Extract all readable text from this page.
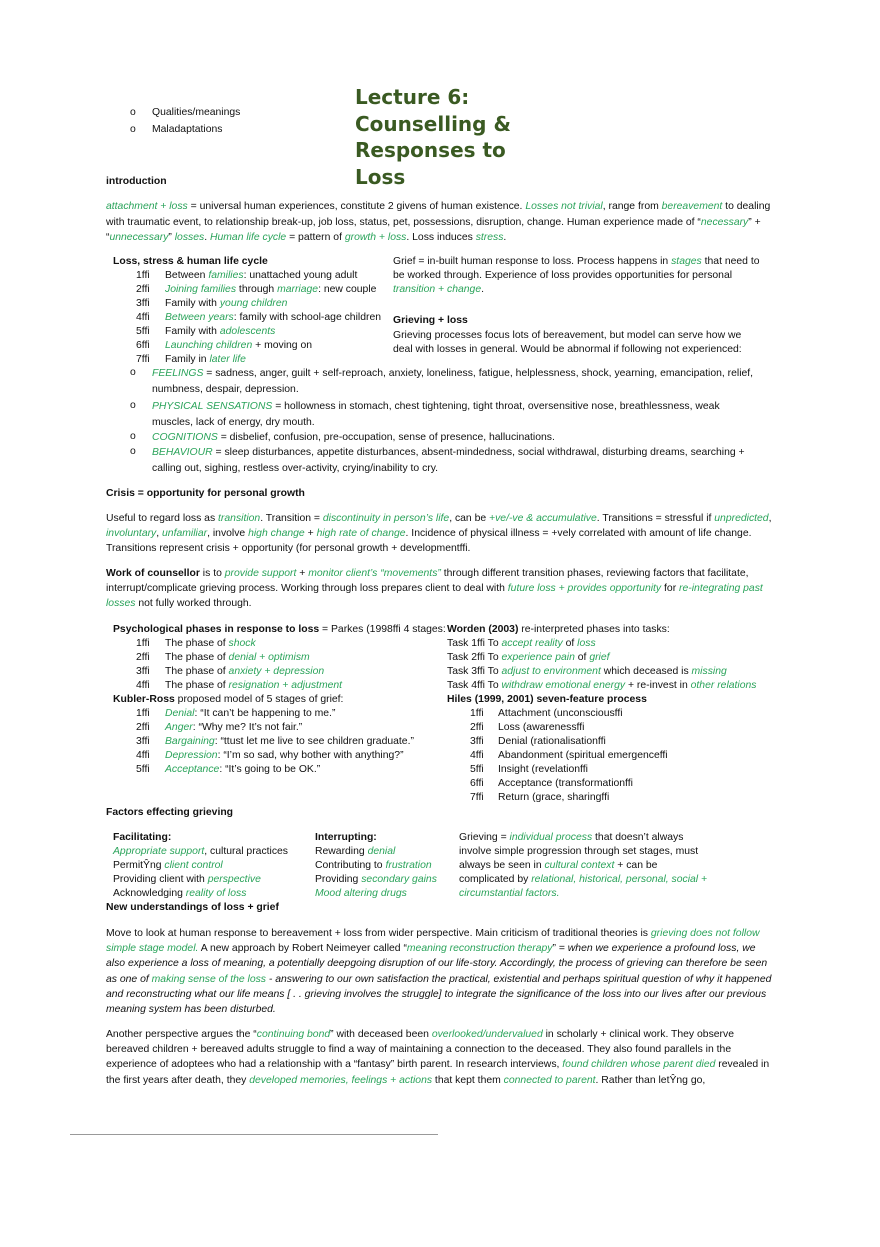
Lecture 6: Counselling & Responses to Loss
o Qualities/meanings
o Maladaptations
introduction
attachment + loss = universal human experiences, constitute 2 givens of human existence. Losses not trivial, range from bereavement to dealing with traumatic event, to relationship break-up, job loss, status, pet, possessions, disruption, change. Human experience made of “necessary” + “unnecessary” losses. Human life cycle = pattern of growth + loss. Loss induces stress.
Loss, stress & human life cycle
1ffi Between families: unattached young adult
2ffi Joining families through marriage: new couple
3ffi Family with young children
4ffi Between years: family with school-age children
5ffi Family with adolescents
6ffi Launching children + moving on
7ffi Family in later life
Grief = in-built human response to loss. Process happens in stages that need to be worked through. Experience of loss provides opportunities for personal transition + change.
Grieving + loss
Grieving processes focus lots of bereavement, but model can serve how we deal with losses in general. Would be abnormal if following not experienced:
o FEELINGS = sadness, anger, guilt + self-reproach, anxiety, loneliness, fatigue, helplessness, shock, yearning, emancipation, relief, numbness, despair, depression.
o PHYSICAL SENSATIONS = hollowness in stomach, chest tightening, tight throat, oversensitive nose, breathlessness, weak muscles, lack of energy, dry mouth.
o COGNITIONS = disbelief, confusion, pre-occupation, sense of presence, hallucinations.
o BEHAVIOUR = sleep disturbances, appetite disturbances, absent-mindedness, social withdrawal, disturbing dreams, searching + calling out, sighing, restless over-activity, crying/inability to cry.
Crisis = opportunity for personal growth
Useful to regard loss as transition. Transition = discontinuity in person’s life, can be +ve/-ve & accumulative. Transitions = stressful if unpredicted, involuntary, unfamiliar, involve high change + high rate of change. Incidence of physical illness = +vely correlated with amount of life change. Transitions represent crisis + opportunity (for personal growth + developmentffi.
Work of counsellor is to provide support + monitor client’s “movements” through different transition phases, reviewing factors that facilitate, interrupt/complicate grieving process. Working through loss prepares client to deal with future loss + provides opportunity for re-integrating past losses not fully worked through.
Psychological phases in response to loss = Parkes (1998ffi 4 stages:
1ffi The phase of shock
2ffi The phase of denial + optimism
3ffi The phase of anxiety + depression
4ffi The phase of resignation + adjustment
Kubler-Ross proposed model of 5 stages of grief:
1ffi Denial: “It can’t be happening to me.”
2ffi Anger: “Why me? It’s not fair.”
3ffi Bargaining: “ttust let me live to see children graduate.”
4ffi Depression: “I’m so sad, why bother with anything?”
5ffi Acceptance: “It’s going to be OK.”
Worden (2003) re-interpreted phases into tasks:
Task 1ffi To accept reality of loss
Task 2ffi To experience pain of grief
Task 3ffi To adjust to environment which deceased is missing
Task 4ffi To withdraw emotional energy + re-invest in other relations
Hiles (1999, 2001) seven-feature process
1ffi Attachment (unconsciousffi
2ffi Loss (awarenessffi
3ffi Denial (rationalisationffi
4ffi Abandonment (spiritual emergenceffi
5ffi Insight (revelationffi
6ffi Acceptance (transformationffi
7ffi Return (grace, sharingffi
Factors effecting grieving
Facilitating:
Appropriate support, cultural practices
PermitŶng client control
Providing client with perspective
Acknowledging reality of loss
Interrupting:
Rewarding denial
Contributing to frustration
Providing secondary gains
Mood altering drugs
Grieving = individual process that doesn’t always involve simple progression through set stages, must always be seen in cultural context + can be complicated by relational, historical, personal, social + circumstantial factors.
New understandings of loss + grief
Move to look at human response to bereavement + loss from wider perspective. Main criticism of traditional theories is grieving does not follow simple stage model. A new approach by Robert Neimeyer called “meaning reconstruction therapy” = when we experience a profound loss, we also experience a loss of meaning, a potentially deepgoing disruption of our life-story. Accordingly, the process of grieving can therefore be seen as one of making sense of the loss - answering to our own satisfaction the practical, existential and perhaps spiritual question of why it happened and reconstructing what our life means [ . . grieving involves the struggle] to integrate the significance of the loss into our lives after our previous meaning system has been disturbed.
Another perspective argues the “continuing bond” with deceased been overlooked/undervalued in scholarly + clinical work. They observe bereaved children + bereaved adults struggle to find a way of maintaining a connection to the deceased. They also found parallels in the experience of adoptees who had a relationship with a “fantasy” birth parent. In research interviews, found children whose parent died revealed in the first years after death, they developed memories, feelings + actions that kept them connected to parent. Rather than letŶng go,
